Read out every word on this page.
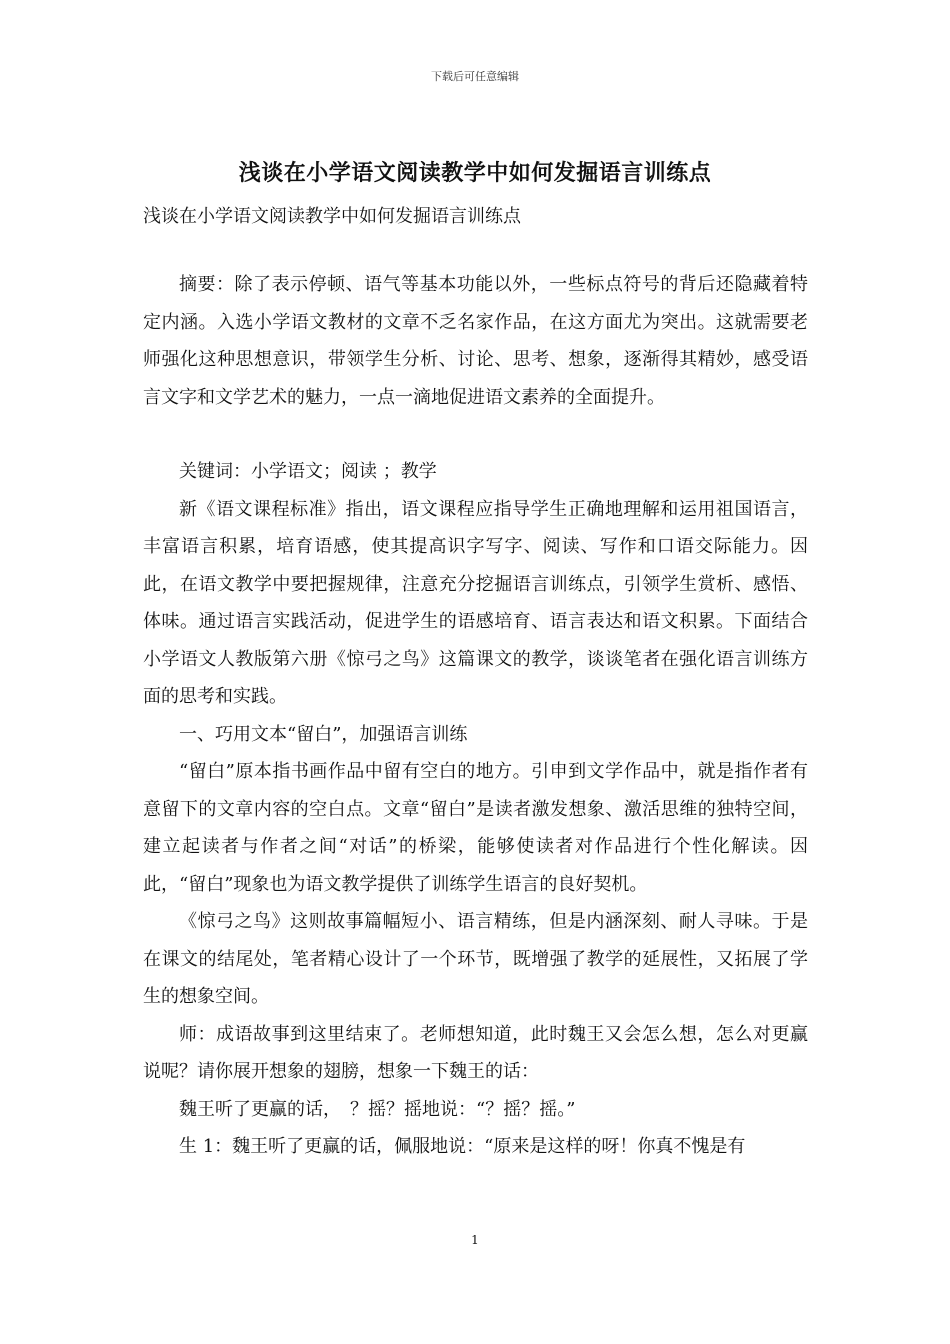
下载后可任意编辑
浅谈在小学语文阅读教学中如何发掘语言训练点

浅谈在小学语文阅读教学中如何发掘语言训练点

摘要：除了表示停顿、语气等基本功能以外，一些标点符号的背后还隐藏着特定内涵。入选小学语文教材的文章不乏名家作品，在这方面尤为突出。这就需要老师强化这种思想意识，带领学生分析、讨论、思考、想象，逐渐得其精妙，感受语言文字和文学艺术的魅力，一点一滴地促进语文素养的全面提升。

关键词：小学语文；阅读 ；教学

新《语文课程标准》指出，语文课程应指导学生正确地理解和运用祖国语言，丰富语言积累，培育语感，使其提高识字写字、阅读、写作和口语交际能力。因此，在语文教学中要把握规律，注意充分挖掘语言训练点，引领学生赏析、感悟、体味。通过语言实践活动，促进学生的语感培育、语言表达和语文积累。下面结合小学语文人教版第六册《惊弓之鸟》这篇课文的教学，谈谈笔者在强化语言训练方面的思考和实践。

一、巧用文本“留白”，加强语言训练

“留白”原本指书画作品中留有空白的地方。引申到文学作品中，就是指作者有意留下的文章内容的空白点。文章“留白”是读者激发想象、激活思维的独特空间，建立起读者与作者之间“对话”的桥梁，能够使读者对作品进行个性化解读。因此，“留白”现象也为语文教学提供了训练学生语言的良好契机。

《惊弓之鸟》这则故事篇幅短小、语言精练，但是内涵深刻、耐人寻味。于是在课文的结尾处，笔者精心设计了一个环节，既增强了教学的延展性，又拓展了学生的想象空间。

师：成语故事到这里结束了。老师想知道，此时魏王又会怎么想，怎么对更赢说呢？请你展开想象的翅膀，想象一下魏王的话：

魏王听了更赢的话，　？摇？摇地说：“？摇？摇。”

生 1：魏王听了更赢的话，佩服地说：“原来是这样的呀！你真不愧是有

1
